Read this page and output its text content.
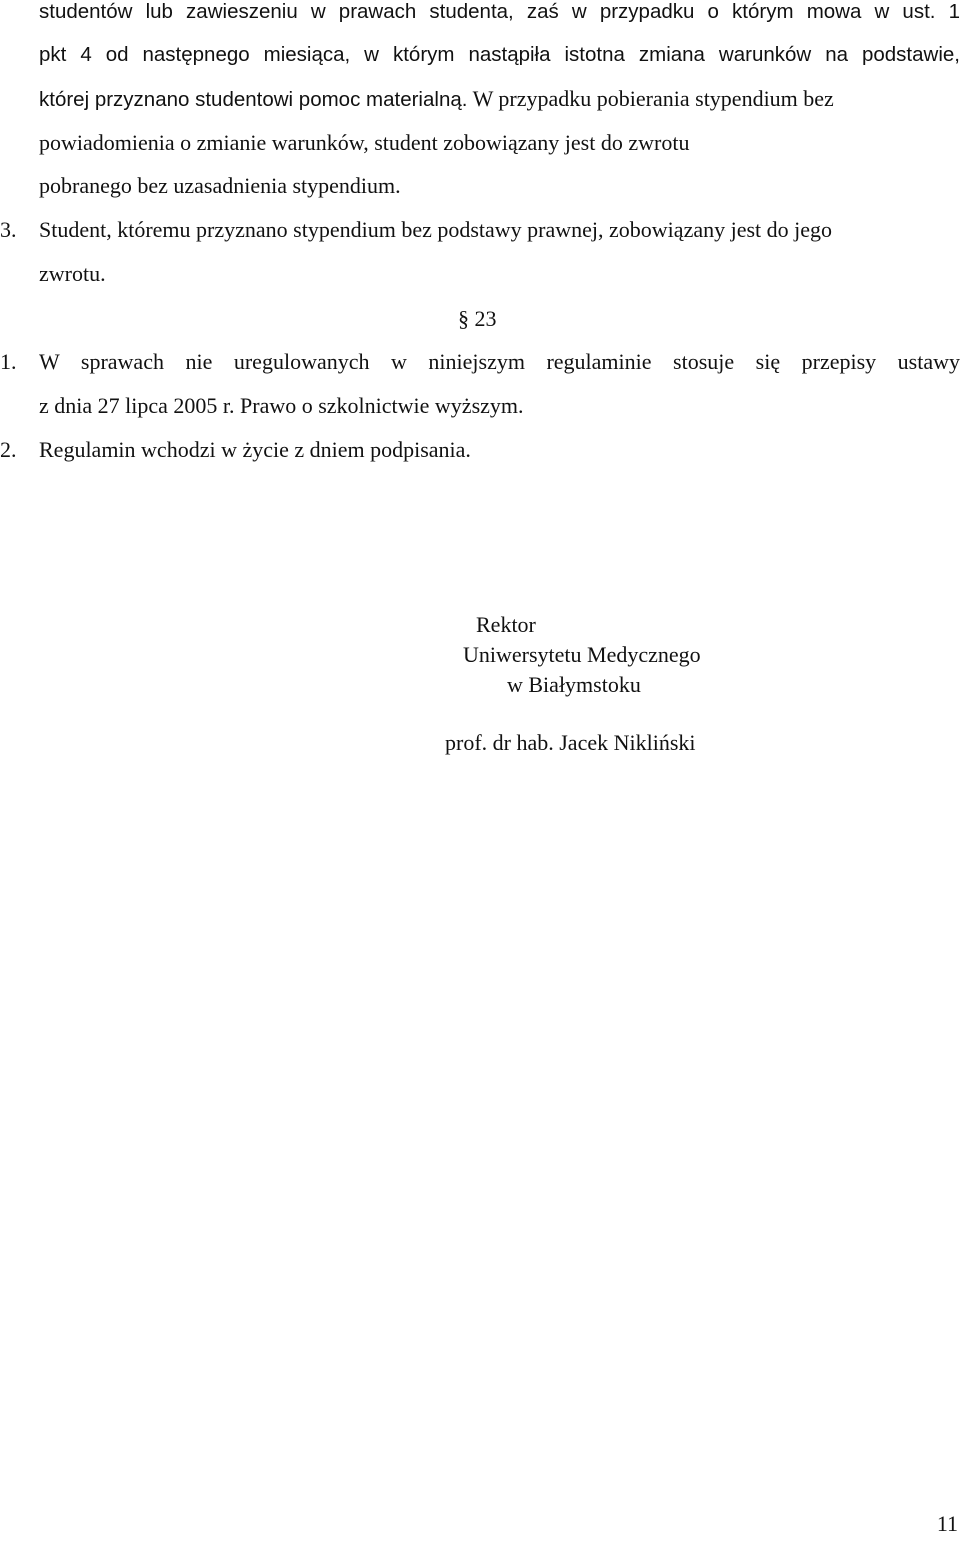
studentów lub zawieszeniu w prawach studenta, zaś w przypadku o którym mowa w ust. 1
pkt 4 od następnego miesiąca, w którym nastąpiła istotna zmiana warunków na podstawie,
której przyznano studentowi pomoc materialną. W przypadku pobierania stypendium bez
powiadomienia o zmianie warunków, student zobowiązany jest do zwrotu
pobranego bez uzasadnienia stypendium.
3. Student, któremu przyznano stypendium bez podstawy prawnej, zobowiązany jest do jego
zwrotu.
§ 23
1. W sprawach nie uregulowanych w niniejszym regulaminie stosuje się przepisy ustawy
z dnia 27 lipca 2005 r. Prawo o szkolnictwie wyższym.
2. Regulamin wchodzi w życie z dniem podpisania.
Rektor
Uniwersytetu Medycznego
w Białymstoku
prof. dr hab. Jacek Nikliński
11
